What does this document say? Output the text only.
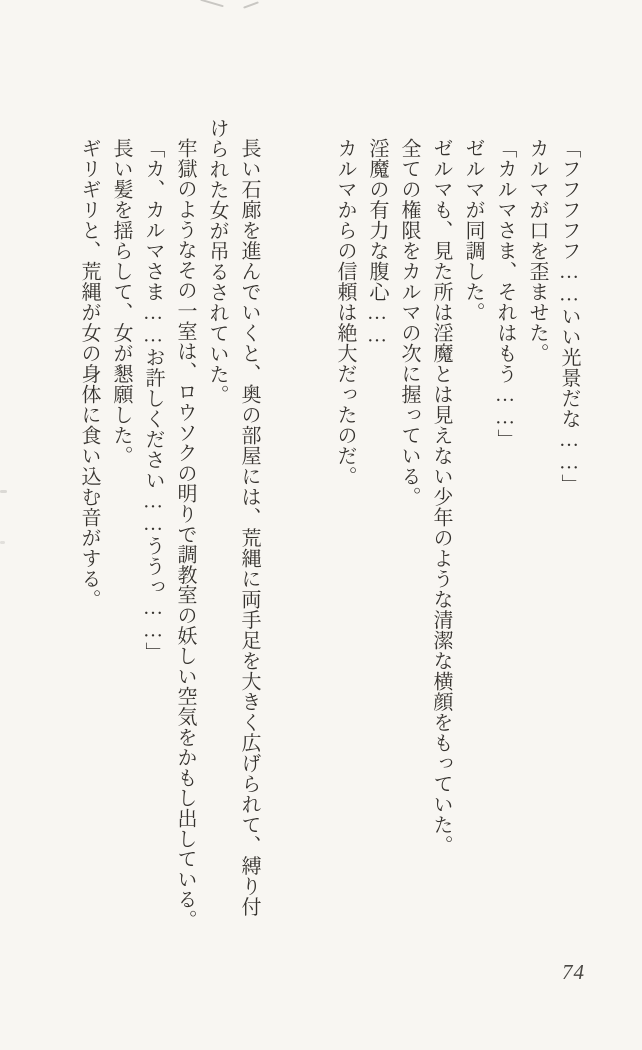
「フフフフフ……いい光景だな……」

カルマが口を歪ませた。

「カルマさま、それはもう……」

ゼルマが同調した。

ゼルマも、見た所は淫魔とは見えない少年のような清潔な横顔をもっていた。

全ての権限をカルマの次に握っている。

淫魔の有力な腹心……

カルマからの信頼は絶大だったのだ。

長い石廊を進んでいくと、奥の部屋には、荒縄に両手足を大きく広げられて、縛り付けられた女が吊るされていた。

牢獄のようなその一室は、ロウソクの明りで調教室の妖しい空気をかもし出している。

「カ、カルマさま……お許しください……ううっ……」

長い髪を揺らして、女が懇願した。

ギリギリと、荒縄が女の身体に食い込む音がする。

74
